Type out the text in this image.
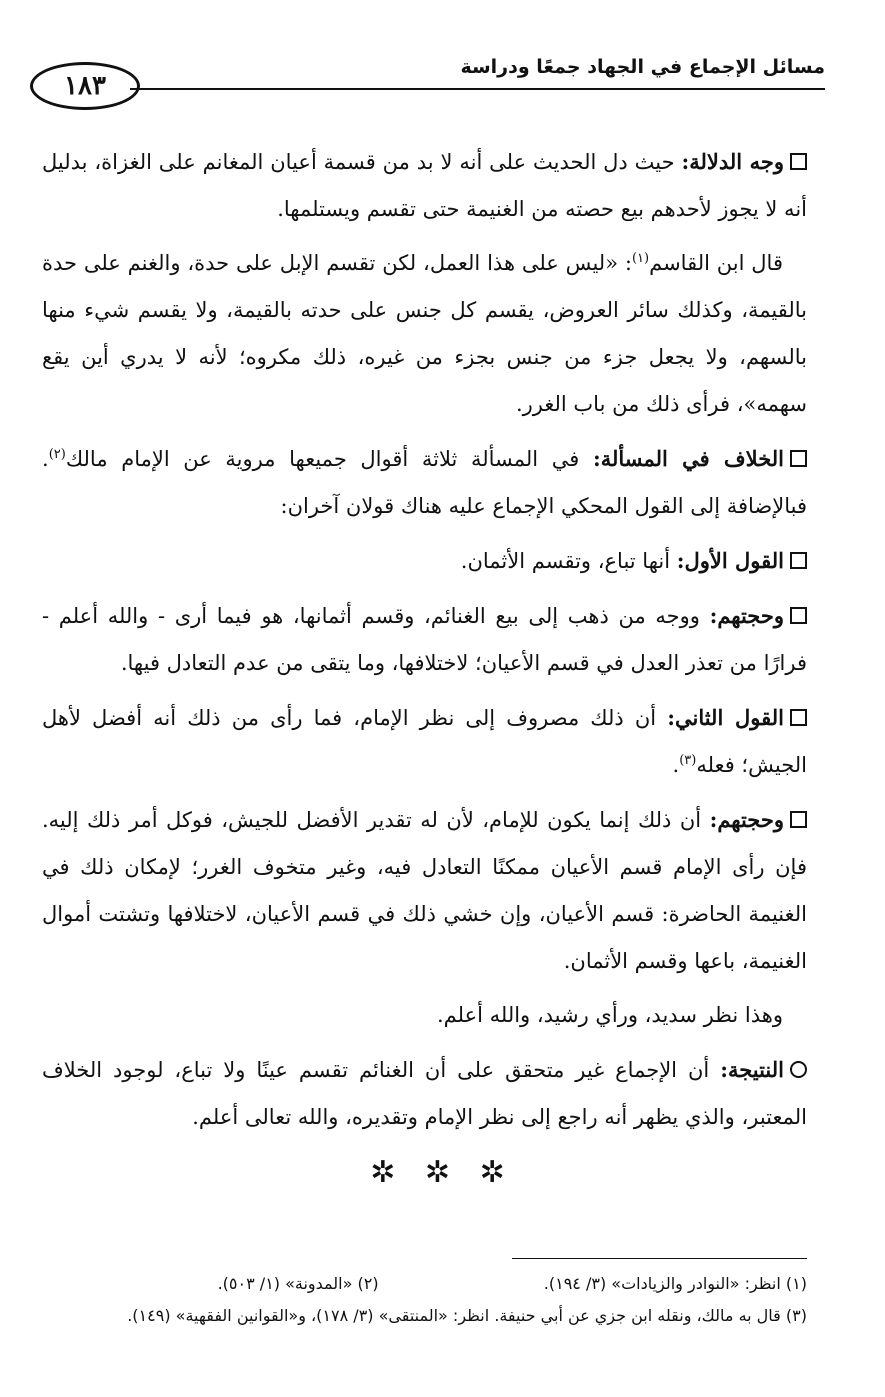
مسائل الإجماع في الجهاد جمعًا ودراسة
١٨٣

وجه الدلالة: حيث دل الحديث على أنه لا بد من قسمة أعيان المغانم على الغزاة، بدليل أنه لا يجوز لأحدهم بيع حصته من الغنيمة حتى تقسم ويستلمها.

قال ابن القاسم$^{(١)}$: «ليس على هذا العمل، لكن تقسم الإبل على حدة، والغنم على حدة بالقيمة، وكذلك سائر العروض، يقسم كل جنس على حدته بالقيمة، ولا يقسم شيء منها بالسهم، ولا يجعل جزء من جنس بجزء من غيره، ذلك مكروه؛ لأنه لا يدري أين يقع سهمه»، فرأى ذلك من باب الغرر.

الخلاف في المسألة: في المسألة ثلاثة أقوال جميعها مروية عن الإمام مالك$^{(٢)}$. فبالإضافة إلى القول المحكي الإجماع عليه هناك قولان آخران:

القول الأول: أنها تباع، وتقسم الأثمان.

وحجتهم: ووجه من ذهب إلى بيع الغنائم، وقسم أثمانها، هو فيما أرى - والله أعلم - فرارًا من تعذر العدل في قسم الأعيان؛ لاختلافها، وما يتقى من عدم التعادل فيها.

القول الثاني: أن ذلك مصروف إلى نظر الإمام، فما رأى من ذلك أنه أفضل لأهل الجيش؛ فعله$^{(٣)}$.

وحجتهم: أن ذلك إنما يكون للإمام، لأن له تقدير الأفضل للجيش، فوكل أمر ذلك إليه. فإن رأى الإمام قسم الأعيان ممكنًا التعادل فيه، وغير متخوف الغرر؛ لإمكان ذلك في الغنيمة الحاضرة: قسم الأعيان، وإن خشي ذلك في قسم الأعيان، لاختلافها وتشتت أموال الغنيمة، باعها وقسم الأثمان.

وهذا نظر سديد، ورأي رشيد، والله أعلم.

النتيجة: أن الإجماع غير متحقق على أن الغنائم تقسم عينًا ولا تباع، لوجود الخلاف المعتبر، والذي يظهر أنه راجع إلى نظر الإمام وتقديره، والله تعالى أعلم.

✲ ✲ ✲
(١) انظر: «النوادر والزيادات» (٣/ ١٩٤).
(٢) «المدونة» (١/ ٥٠٣).
(٣) قال به مالك، ونقله ابن جزي عن أبي حنيفة. انظر: «المنتقى» (٣/ ١٧٨)، و«القوانين الفقهية» (١٤٩).
